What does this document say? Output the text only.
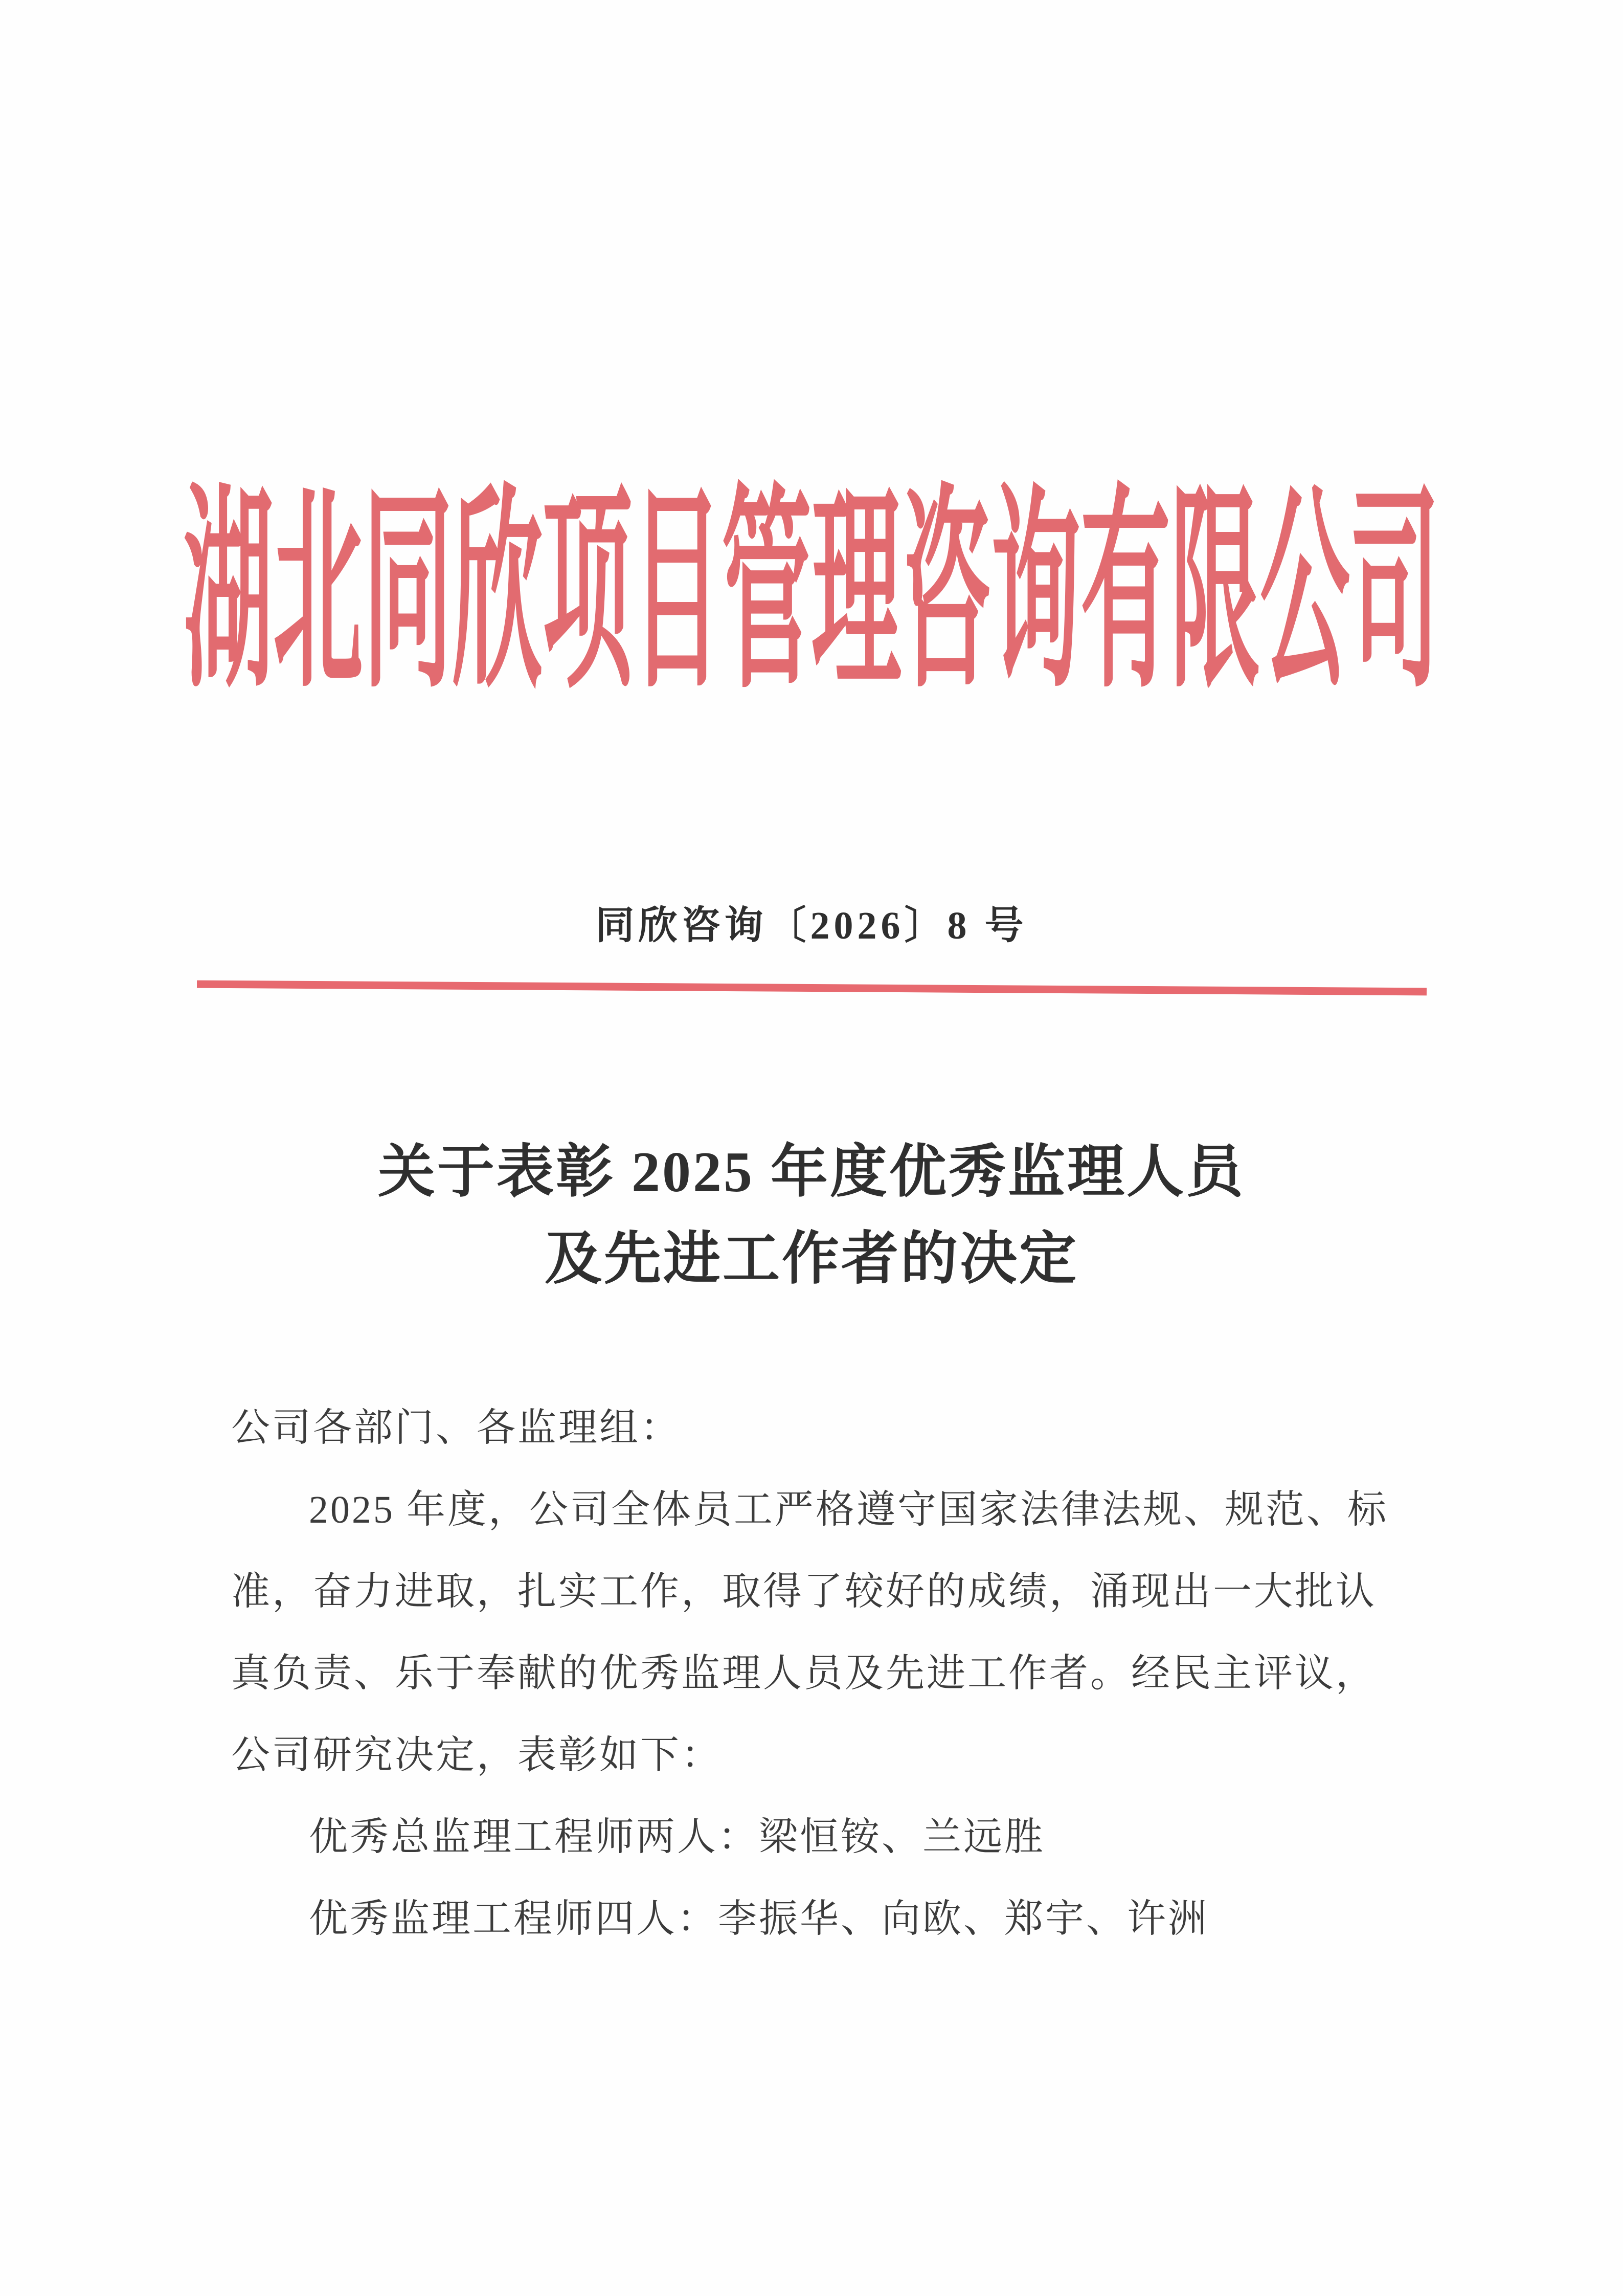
湖北同欣项目管理咨询有限公司
同欣咨询〔2026〕8 号
关于表彰 2025 年度优秀监理人员
及先进工作者的决定
公司各部门、各监理组：
2025 年度，公司全体员工严格遵守国家法律法规、规范、标
准，奋力进取，扎实工作，取得了较好的成绩，涌现出一大批认
真负责、乐于奉献的优秀监理人员及先进工作者。经民主评议，
公司研究决定，表彰如下：
优秀总监理工程师两人：梁恒铵、兰远胜
优秀监理工程师四人：李振华、向欧、郑宇、许洲
